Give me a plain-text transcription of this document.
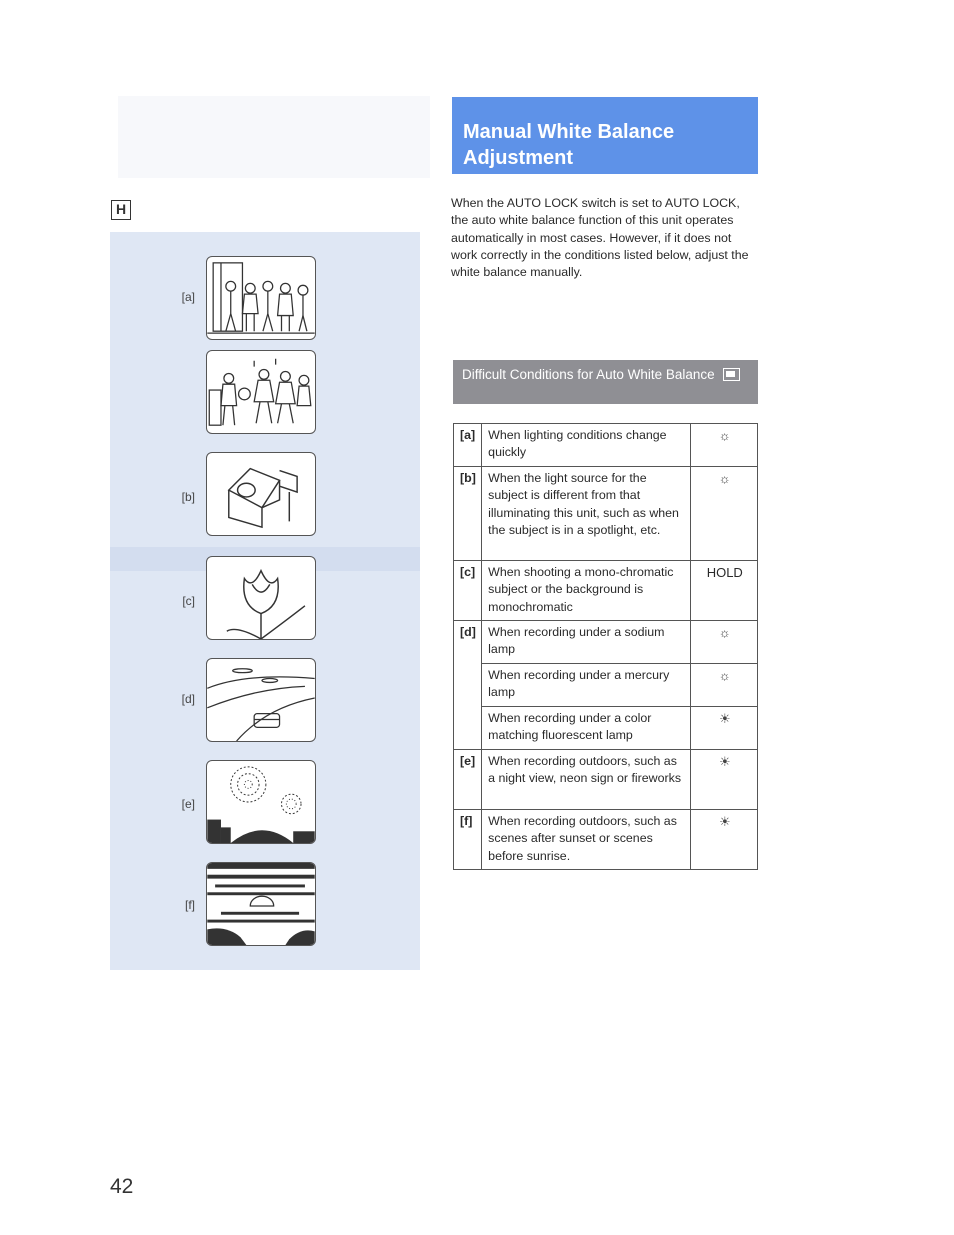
H
[a]
[b]
[c]
[d]
[e]
[f]
Manual White Balance
Adjustment
When the AUTO LOCK switch is set to AUTO LOCK, the auto white balance function of this unit operates automatically in most cases. However, if it does not work correctly in the conditions listed below, adjust the white balance manually.
Difficult Conditions for Auto White Balance
[a]	When lighting conditions change quickly	☼
[b]	When the light source for the subject is different from that illuminating this unit, such as when the subject is in a spotlight, etc.	☼
[c]	When shooting a mono-chromatic subject or the background is monochromatic	HOLD
[d]	When recording under a sodium lamp	☼
	When recording under a mercury lamp	☼
	When recording under a color matching fluorescent lamp	☀
[e]	When recording outdoors, such as a night view, neon sign or fireworks	☀
[f]	When recording outdoors, such as scenes after sunset or scenes before sunrise.	☀
42
